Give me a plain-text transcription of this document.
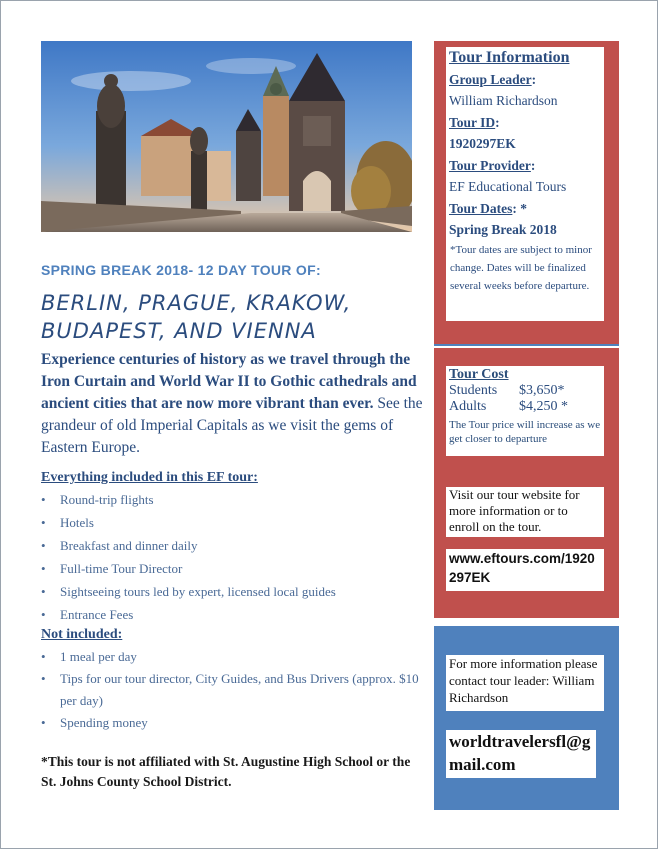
SPRING BREAK 2018- 12 DAY TOUR OF:
BERLIN, PRAGUE, KRAKOW,
BUDAPEST, AND VIENNA
Experience centuries of history as we travel through the Iron Curtain and World War II to Gothic cathedrals and ancient cities that are now more vibrant than ever. See the grandeur of old Imperial Capitals as we visit the gems of Eastern Europe.
Everything included in this EF tour:
• Round-trip flights
• Hotels
• Breakfast and dinner daily
• Full-time Tour Director
• Sightseeing tours led by expert, licensed local guides
• Entrance Fees
Not included:
• 1 meal per day
• Tips for our tour director, City Guides, and Bus Drivers (approx. $10 per day)
• Spending money
*This tour is not affiliated with St. Augustine High School or the St. Johns County School District.
Tour Information
Group Leader:
William Richardson
Tour ID:
1920297EK
Tour Provider:
EF Educational Tours
Tour Dates: *
Spring Break 2018
*Tour dates are subject to minor change. Dates will be finalized several weeks before departure.
Tour Cost
Students $3,650*
Adults $4,250 *
The Tour price will increase as we get closer to departure
Visit our tour website for more information or to enroll on the tour.
www.eftours.com/1920297EK
For more information please contact tour leader: William Richardson
worldtravelersfl@gmail.com
